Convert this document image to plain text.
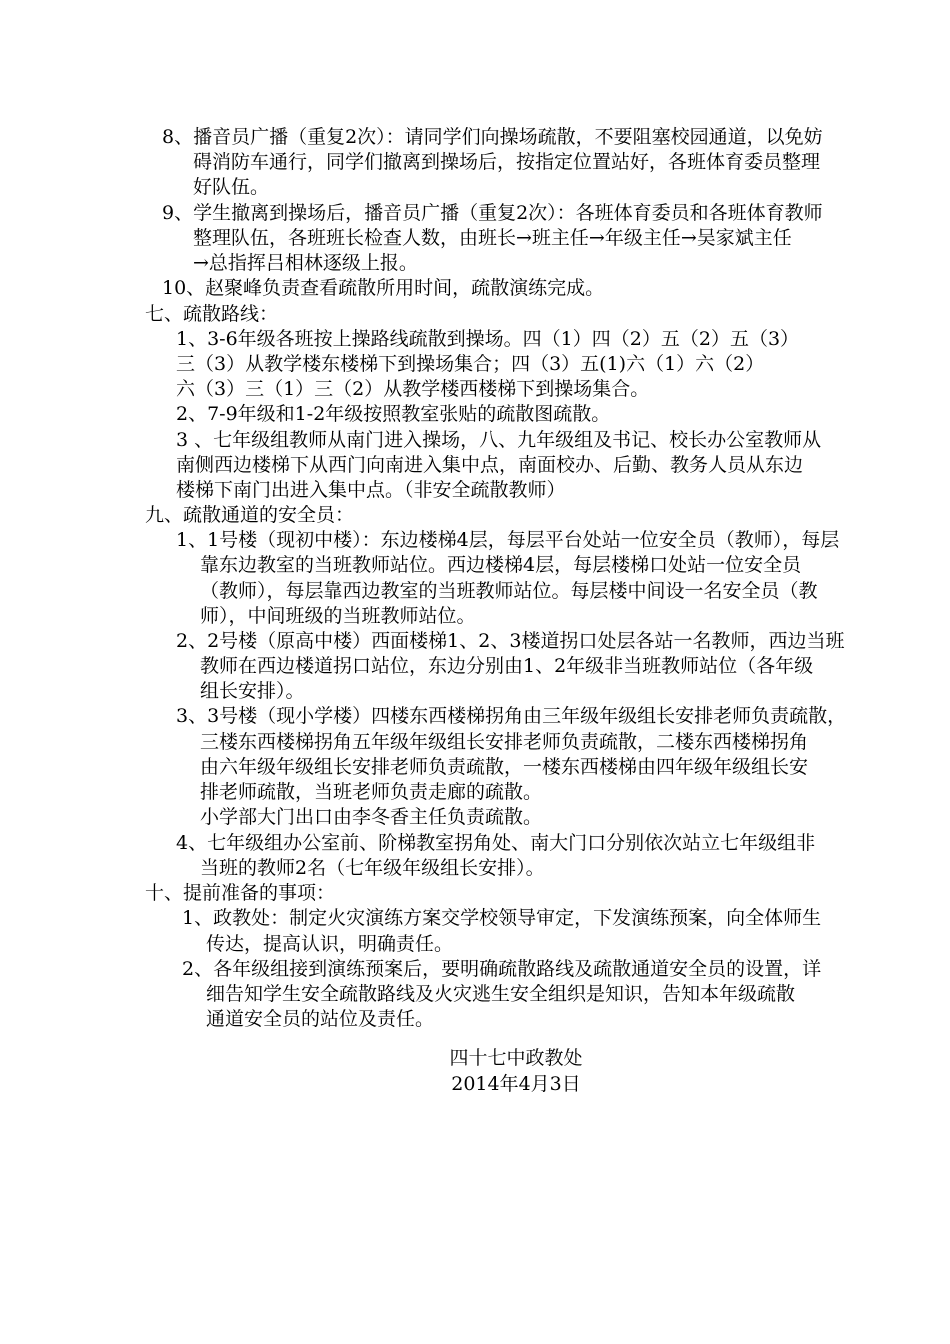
8、播音员广播（重复2次）：请同学们向操场疏散，不要阻塞校园通道，以免妨
碍消防车通行，同学们撤离到操场后，按指定位置站好，各班体育委员整理
好队伍。
9、学生撤离到操场后，播音员广播（重复2次）：各班体育委员和各班体育教师
整理队伍，各班班长检查人数，由班长→班主任→年级主任→吴家斌主任
→总指挥吕相林逐级上报。
10、赵聚峰负责查看疏散所用时间，疏散演练完成。
七、疏散路线：
1、3-6年级各班按上操路线疏散到操场。四（1）四（2）五（2）五（3）
三（3）从教学楼东楼梯下到操场集合；四（3）五(1)六（1）六（2）
六（3）三（1）三（2）从教学楼西楼梯下到操场集合。
2、7-9年级和1-2年级按照教室张贴的疏散图疏散。
3 、七年级组教师从南门进入操场，八、九年级组及书记、校长办公室教师从
南侧西边楼梯下从西门向南进入集中点，南面校办、后勤、教务人员从东边
楼梯下南门出进入集中点。（非安全疏散教师）
九、疏散通道的安全员：
1、1号楼（现初中楼）：东边楼梯4层，每层平台处站一位安全员（教师），每层
靠东边教室的当班教师站位。西边楼梯4层，每层楼梯口处站一位安全员
（教师），每层靠西边教室的当班教师站位。每层楼中间设一名安全员（教
师），中间班级的当班教师站位。
2、2号楼（原高中楼）西面楼梯1、2、3楼道拐口处层各站一名教师，西边当班
教师在西边楼道拐口站位，东边分别由1、2年级非当班教师站位（各年级
组长安排）。
3、3号楼（现小学楼）四楼东西楼梯拐角由三年级年级组长安排老师负责疏散，
三楼东西楼梯拐角五年级年级组长安排老师负责疏散，二楼东西楼梯拐角
由六年级年级组长安排老师负责疏散，一楼东西楼梯由四年级年级组长安
排老师疏散，当班老师负责走廊的疏散。
小学部大门出口由李冬香主任负责疏散。
4、七年级组办公室前、阶梯教室拐角处、南大门口分别依次站立七年级组非
当班的教师2名（七年级年级组长安排）。
十、提前准备的事项：
1、政教处：制定火灾演练方案交学校领导审定，下发演练预案，向全体师生
传达，提高认识，明确责任。
2、各年级组接到演练预案后，要明确疏散路线及疏散通道安全员的设置，详
细告知学生安全疏散路线及火灾逃生安全组织是知识，告知本年级疏散
通道安全员的站位及责任。
四十七中政教处
2014年4月3日
